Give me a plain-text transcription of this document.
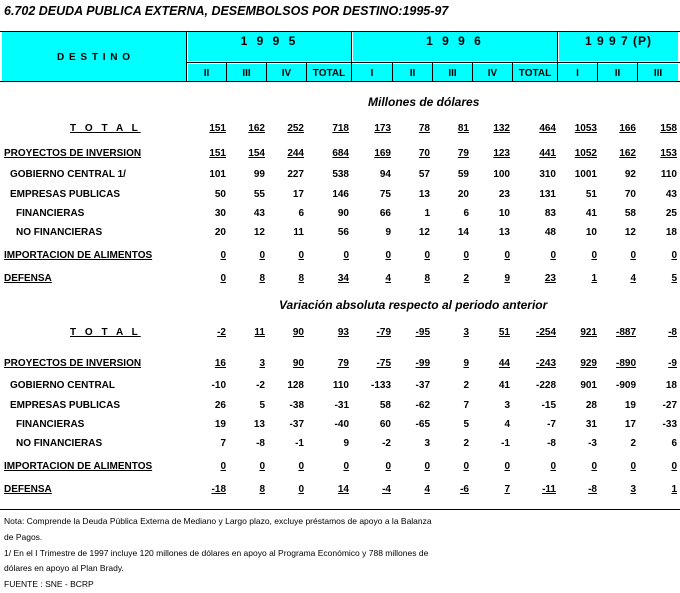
6.702 DEUDA PUBLICA EXTERNA, DESEMBOLSOS POR DESTINO:1995-97
D E S T I N O
1 9 9 5	1 9 9 6	1 9 9 7 (P)
II	III	IV	TOTAL	I	II	III	IV	TOTAL	I	II	III
Millones de dólares
T O T A L	151	162	252	718	173	78	81	132	464	1053	166	158
PROYECTOS DE INVERSION	151	154	244	684	169	70	79	123	441	1052	162	153
GOBIERNO CENTRAL 1/	101	99	227	538	94	57	59	100	310	1001	92	110
EMPRESAS PUBLICAS	50	55	17	146	75	13	20	23	131	51	70	43
FINANCIERAS	30	43	6	90	66	1	6	10	83	41	58	25
NO FINANCIERAS	20	12	11	56	9	12	14	13	48	10	12	18
IMPORTACION DE ALIMENTOS	0	0	0	0	0	0	0	0	0	0	0	0
DEFENSA	0	8	8	34	4	8	2	9	23	1	4	5
Variación absoluta respecto al periodo anterior
T O T A L	-2	11	90	93	-79	-95	3	51	-254	921	-887	-8
PROYECTOS DE INVERSION	16	3	90	79	-75	-99	9	44	-243	929	-890	-9
GOBIERNO CENTRAL	-10	-2	128	110	-133	-37	2	41	-228	901	-909	18
EMPRESAS PUBLICAS	26	5	-38	-31	58	-62	7	3	-15	28	19	-27
FINANCIERAS	19	13	-37	-40	60	-65	5	4	-7	31	17	-33
NO FINANCIERAS	7	-8	-1	9	-2	3	2	-1	-8	-3	2	6
IMPORTACION DE ALIMENTOS	0	0	0	0	0	0	0	0	0	0	0	0
DEFENSA	-18	8	0	14	-4	4	-6	7	-11	-8	3	1
Nota: Comprende la Deuda Pública Externa de Mediano y Largo plazo, excluye préstamos de apoyo a la Balanza
de Pagos.
1/ En el I Trimestre de 1997 incluye 120 millones de dólares en apoyo al Programa Económico y 788 millones de
dólares en apoyo al Plan Brady.
FUENTE : SNE - BCRP
